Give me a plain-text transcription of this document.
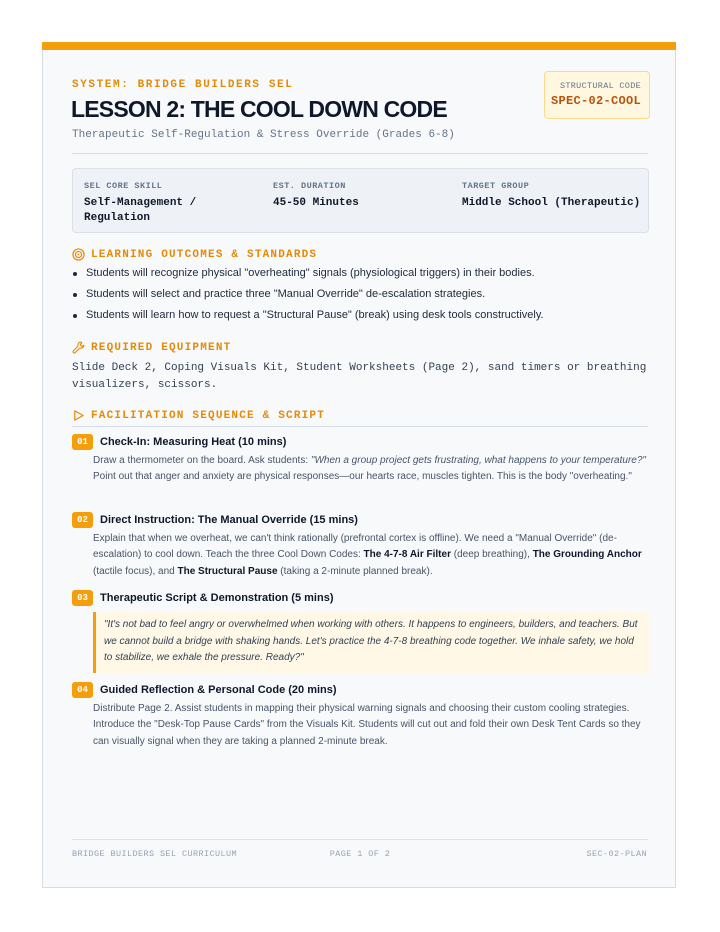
SYSTEM: BRIDGE BUILDERS SEL
LESSON 2: THE COOL DOWN CODE
Therapeutic Self-Regulation & Stress Override (Grades 6-8)
STRUCTURAL CODE
SPEC-02-COOL
SEL CORE SKILL
Self-Management / Regulation
EST. DURATION
45-50 Minutes
TARGET GROUP
Middle School (Therapeutic)
LEARNING OUTCOMES & STANDARDS
Students will recognize physical "overheating" signals (physiological triggers) in their bodies.
Students will select and practice three "Manual Override" de-escalation strategies.
Students will learn how to request a "Structural Pause" (break) using desk tools constructively.
REQUIRED EQUIPMENT
Slide Deck 2, Coping Visuals Kit, Student Worksheets (Page 2), sand timers or breathing visualizers, scissors.
FACILITATION SEQUENCE & SCRIPT
01	Check-In: Measuring Heat (10 mins)
Draw a thermometer on the board. Ask students: "When a group project gets frustrating, what happens to your temperature?" Point out that anger and anxiety are physical responses—our hearts race, muscles tighten. This is the body "overheating."
02	Direct Instruction: The Manual Override (15 mins)
Explain that when we overheat, we can't think rationally (prefrontal cortex is offline). We need a "Manual Override" (de-escalation) to cool down. Teach the three Cool Down Codes: The 4-7-8 Air Filter (deep breathing), The Grounding Anchor (tactile focus), and The Structural Pause (taking a 2-minute planned break).
03	Therapeutic Script & Demonstration (5 mins)
"It's not bad to feel angry or overwhelmed when working with others. It happens to engineers, builders, and teachers. But we cannot build a bridge with shaking hands. Let's practice the 4-7-8 breathing code together. We inhale safety, we hold to stabilize, we exhale the pressure. Ready?"
04	Guided Reflection & Personal Code (20 mins)
Distribute Page 2. Assist students in mapping their physical warning signals and choosing their custom cooling strategies. Introduce the "Desk-Top Pause Cards" from the Visuals Kit. Students will cut out and fold their own Desk Tent Cards so they can visually signal when they are taking a planned 2-minute break.
BRIDGE BUILDERS SEL CURRICULUM	PAGE 1 OF 2	SEC-02-PLAN
